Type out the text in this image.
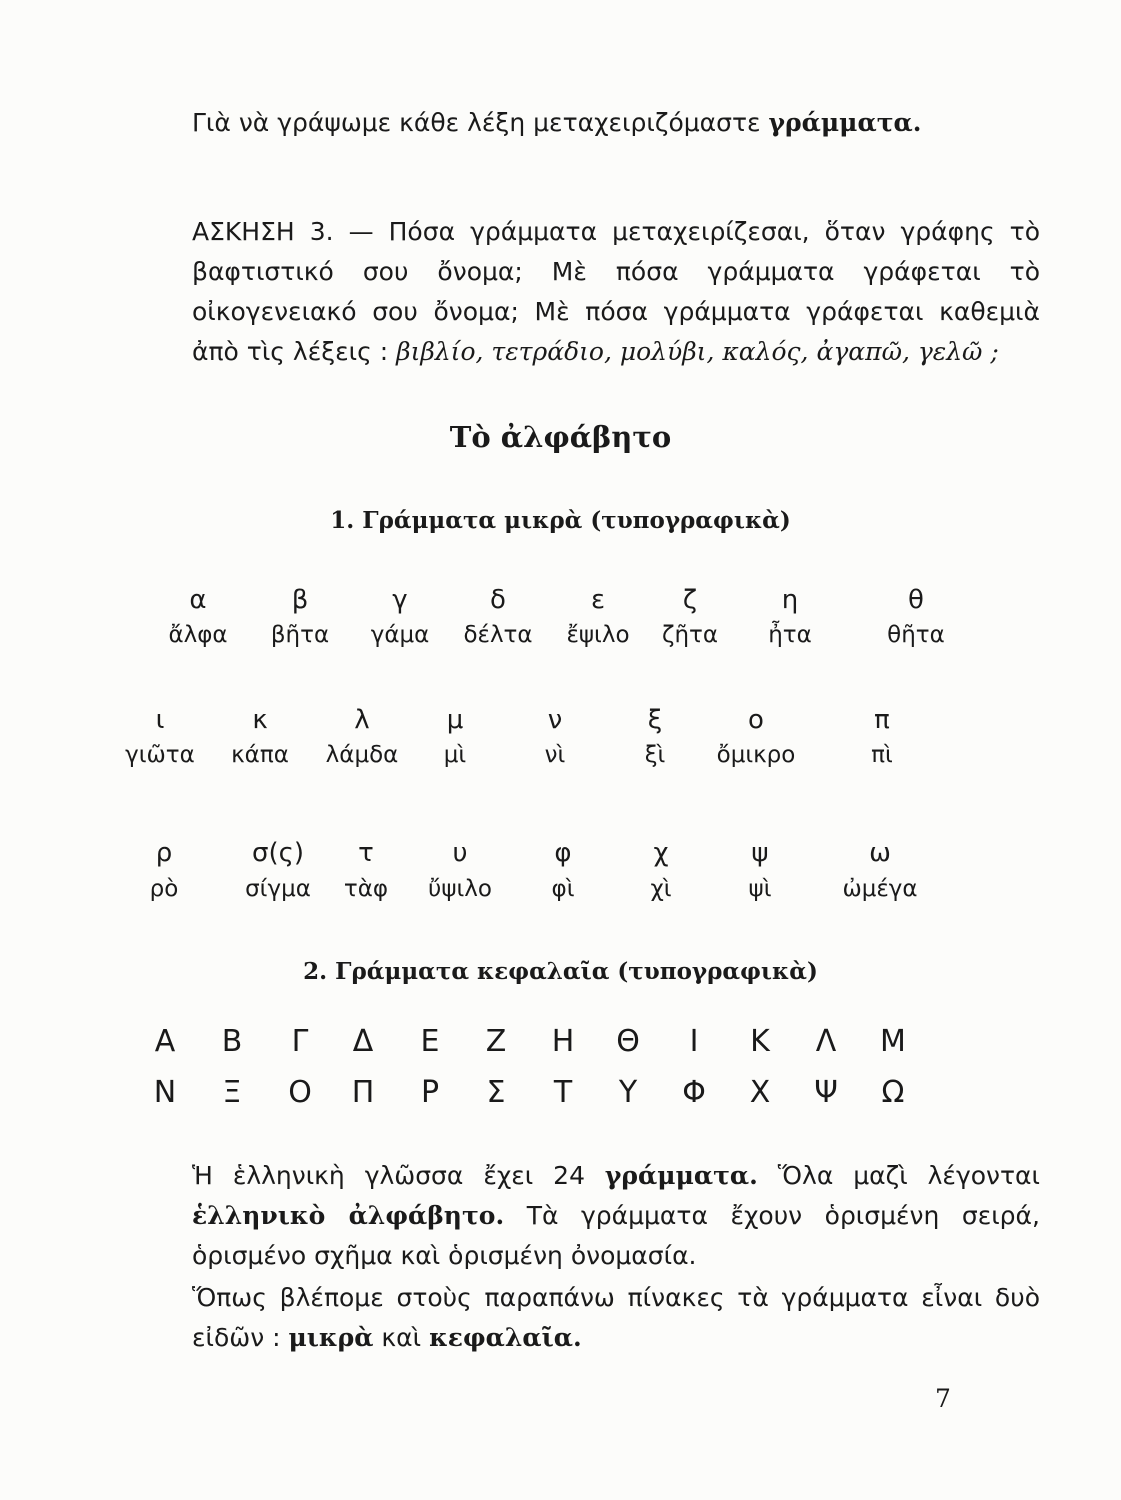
Γιὰ νὰ γράψωμε κάθε λέξη μεταχειριζόμαστε γράμματα.

ΑΣΚΗΣΗ 3. — Πόσα γράμματα μεταχειρίζεσαι, ὅταν γράφης τὸ βαφτιστικό σου ὄνομα; Μὲ πόσα γράμματα γράφεται τὸ οἰκογενειακό σου ὄνομα; Μὲ πόσα γράμματα γράφεται καθεμιὰ ἀπὸ τὶς λέξεις : βιβλίο, τετράδιο, μολύβι, καλός, ἀγαπῶ, γελῶ ;

Τὸ ἀλφάβητο
1. Γράμματα μικρὰ (τυπογραφικὰ)
α	β	γ	δ	ε	ζ	η	θ
ἄλφα	βῆτα	γάμα	δέλτα	ἔψιλο	ζῆτα	ἦτα	θῆτα
ι	κ	λ	μ	ν	ξ	ο	π
γιῶτα	κάπα	λάμδα	μὶ	νὶ	ξὶ	ὄμικρο	πὶ
ρ	σ(ς)	τ	υ	φ	χ	ψ	ω
ρὸ	σίγμα	τὰφ	ὔψιλο	φὶ	χὶ	ψὶ	ὠμέγα
2. Γράμματα κεφαλαῖα (τυπογραφικὰ)
Α	Β	Γ	Δ	Ε	Ζ	Η	Θ	Ι	Κ	Λ	Μ
Ν	Ξ	Ο	Π	Ρ	Σ	Τ	Υ	Φ	Χ	Ψ	Ω

Ἡ ἑλληνικὴ γλῶσσα ἔχει 24 γράμματα. Ὅλα μαζὶ λέγονται ἑλληνικὸ ἀλφάβητο. Τὰ γράμματα ἔχουν ὁρισμένη σειρά, ὁρισμένο σχῆμα καὶ ὁρισμένη ὀνομασία.

Ὅπως βλέπομε στοὺς παραπάνω πίνακες τὰ γράμματα εἶναι δυὸ εἰδῶν : μικρὰ καὶ κεφαλαῖα.

7
